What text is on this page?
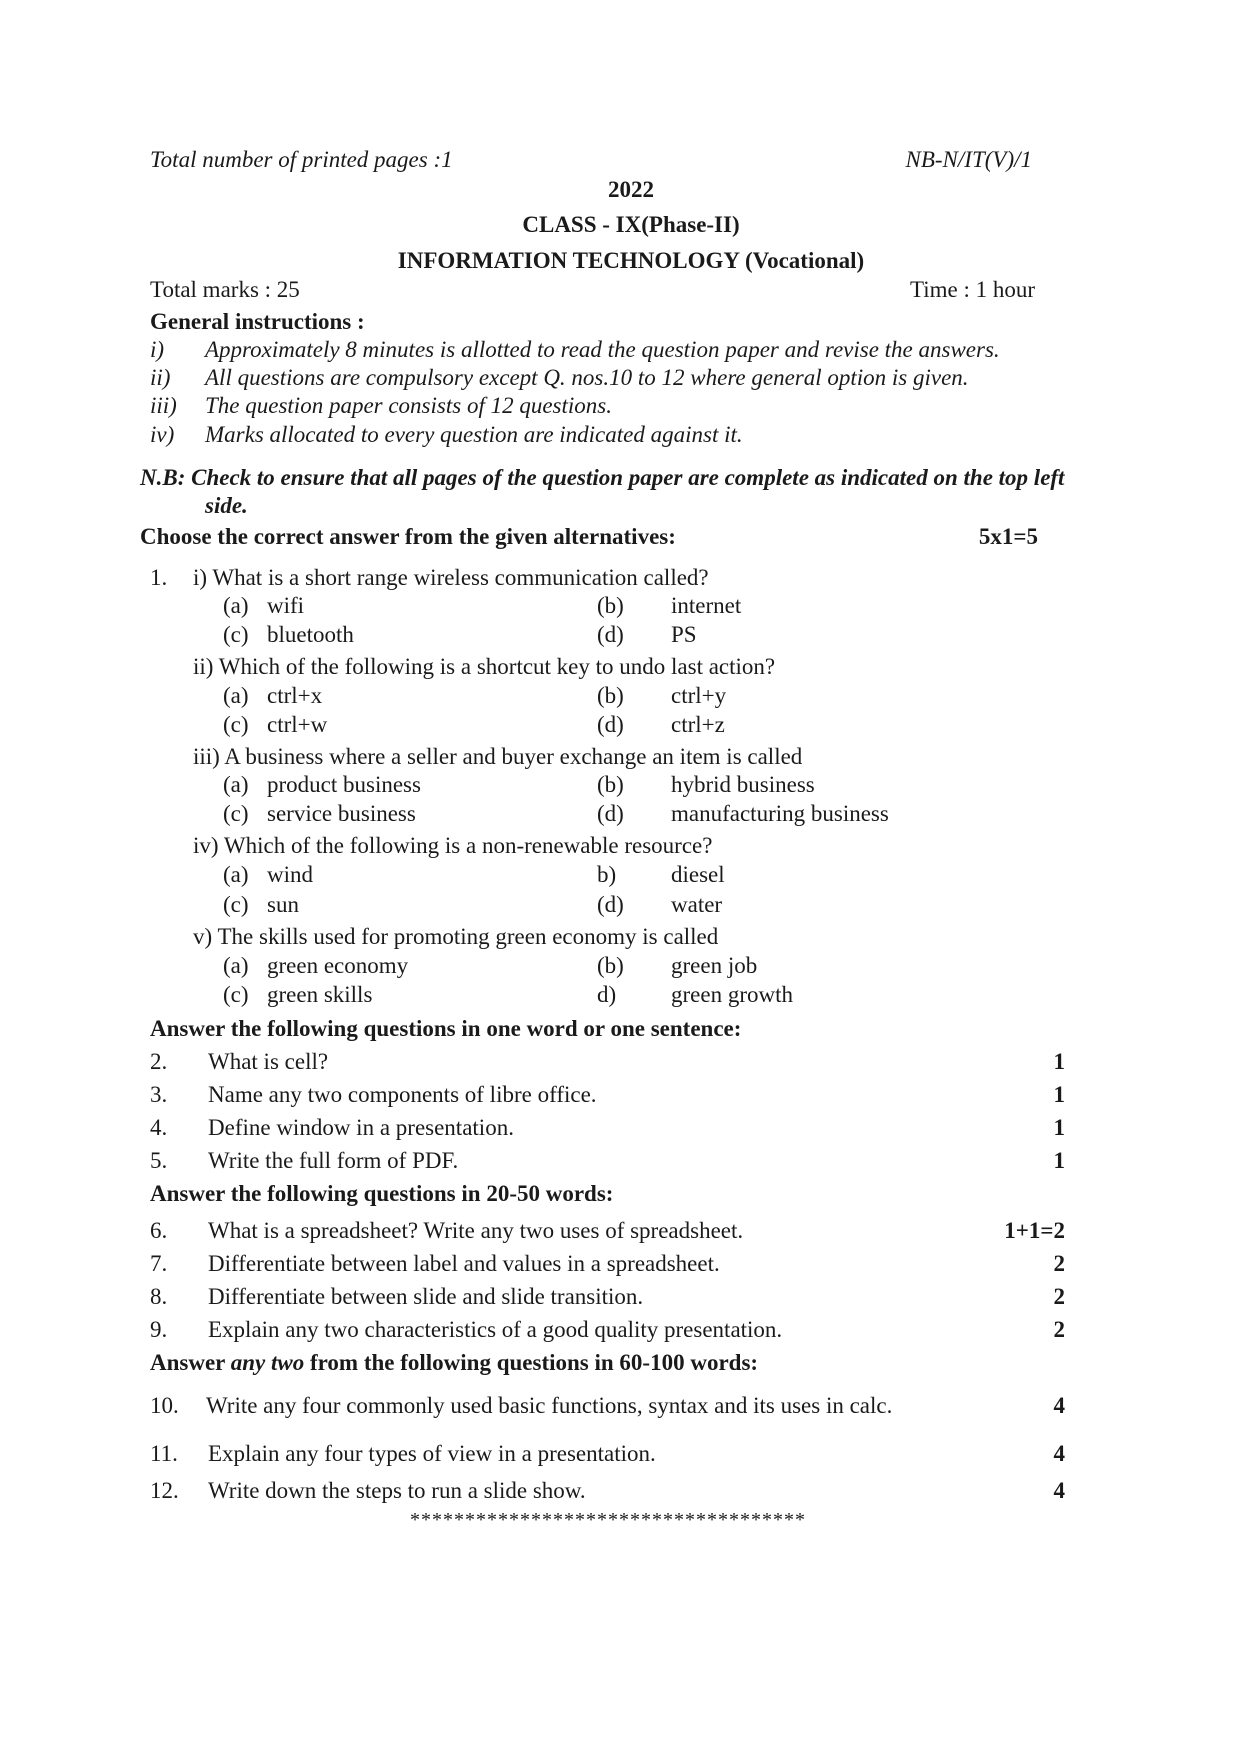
Total number of printed pages :1	NB-N/IT(V)/1
2022
CLASS - IX(Phase-II)
INFORMATION TECHNOLOGY (Vocational)
Total marks : 25	Time : 1 hour
General instructions :
i) Approximately 8 minutes is allotted to read the question paper and revise the answers.
ii) All questions are compulsory except Q. nos.10 to 12 where general option is given.
iii) The question paper consists of 12 questions.
iv) Marks allocated to every question are indicated against it.
N.B: Check to ensure that all pages of the question paper are complete as indicated on the top left
side.
Choose the correct answer from the given alternatives:	5x1=5
1. i) What is a short range wireless communication called?
(a) wifi	(b) internet
(c) bluetooth	(d) PS
ii) Which of the following is a shortcut key to undo last action?
(a) ctrl+x	(b) ctrl+y
(c) ctrl+w	(d) ctrl+z
iii) A business where a seller and buyer exchange an item is called
(a) product business	(b) hybrid business
(c) service business	(d) manufacturing business
iv) Which of the following is a non-renewable resource?
(a) wind	b) diesel
(c) sun	(d) water
v) The skills used for promoting green economy is called
(a) green economy	(b) green job
(c) green skills	d) green growth
Answer the following questions in one word or one sentence:
2. What is cell?	1
3. Name any two components of libre office.	1
4. Define window in a presentation.	1
5. Write the full form of PDF.	1
Answer the following questions in 20-50 words:
6. What is a spreadsheet? Write any two uses of spreadsheet.	1+1=2
7. Differentiate between label and values in a spreadsheet.	2
8. Differentiate between slide and slide transition.	2
9. Explain any two characteristics of a good quality presentation.	2
Answer any two from the following questions in 60-100 words:
10. Write any four commonly used basic functions, syntax and its uses in calc.	4
11. Explain any four types of view in a presentation.	4
12. Write down the steps to run a slide show.	4
************************************
